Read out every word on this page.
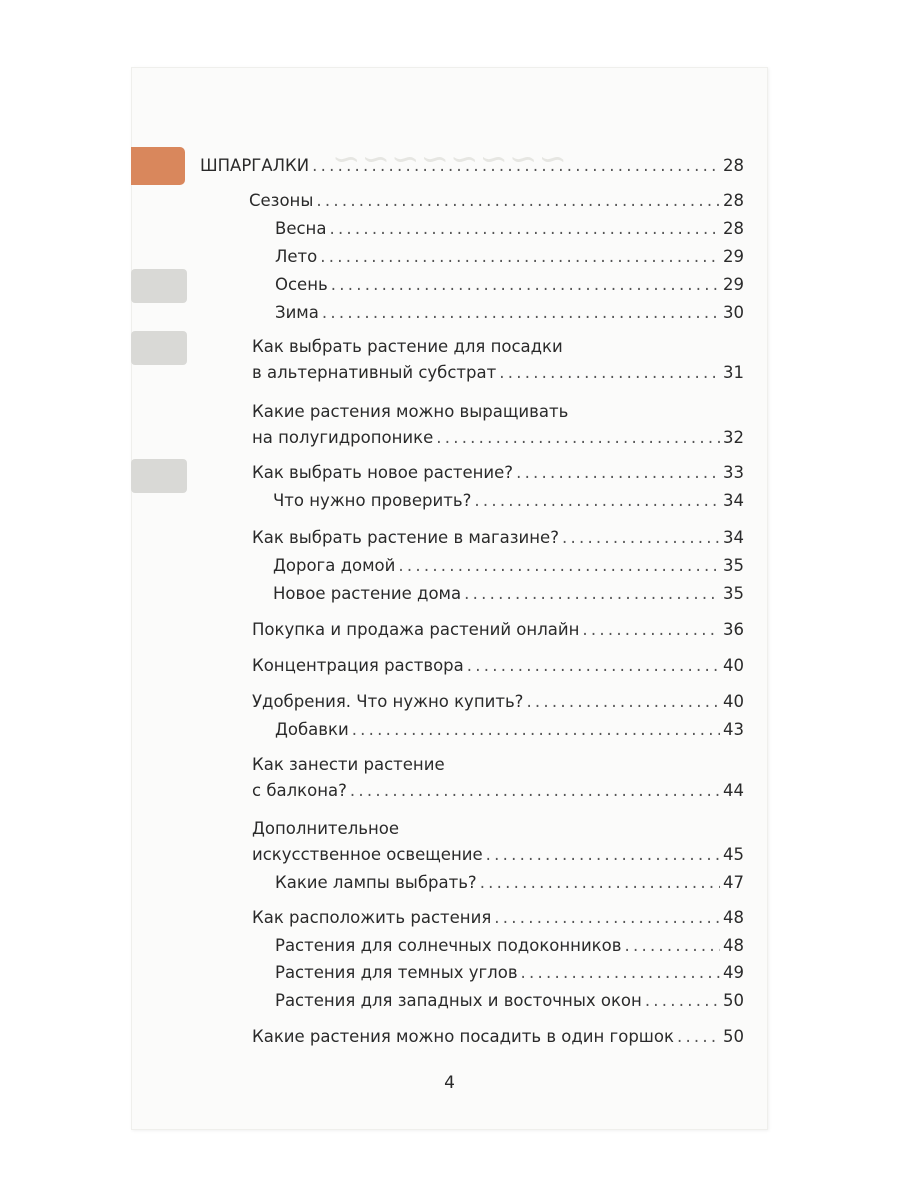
~~~~~~~~
ШПАРГАЛКИ . . .	28
Сезоны . . .	28
Весна . . .	28
Лето . . .	29
Осень . . .	29
Зима . . .	30
Как выбрать растение для посадки
в альтернативный субстрат . . .	31
Какие растения можно выращивать
на полугидропонике . . .	32
Как выбрать новое растение? . . .	33
Что нужно проверить? . . .	34
Как выбрать растение в магазине? . . .	34
Дорога домой . . .	35
Новое растение дома . . .	35
Покупка и продажа растений онлайн . . .	36
Концентрация раствора . . .	40
Удобрения. Что нужно купить? . . .	40
Добавки . . .	43
Как занести растение
с балкона? . . .	44
Дополнительное
искусственное освещение . . .	45
Какие лампы выбрать? . . .	47
Как расположить растения . . .	48
Растения для солнечных подоконников . . .	48
Растения для темных углов . . .	49
Растения для западных и восточных окон . . .	50
Какие растения можно посадить в один горшок . . .	50
4
